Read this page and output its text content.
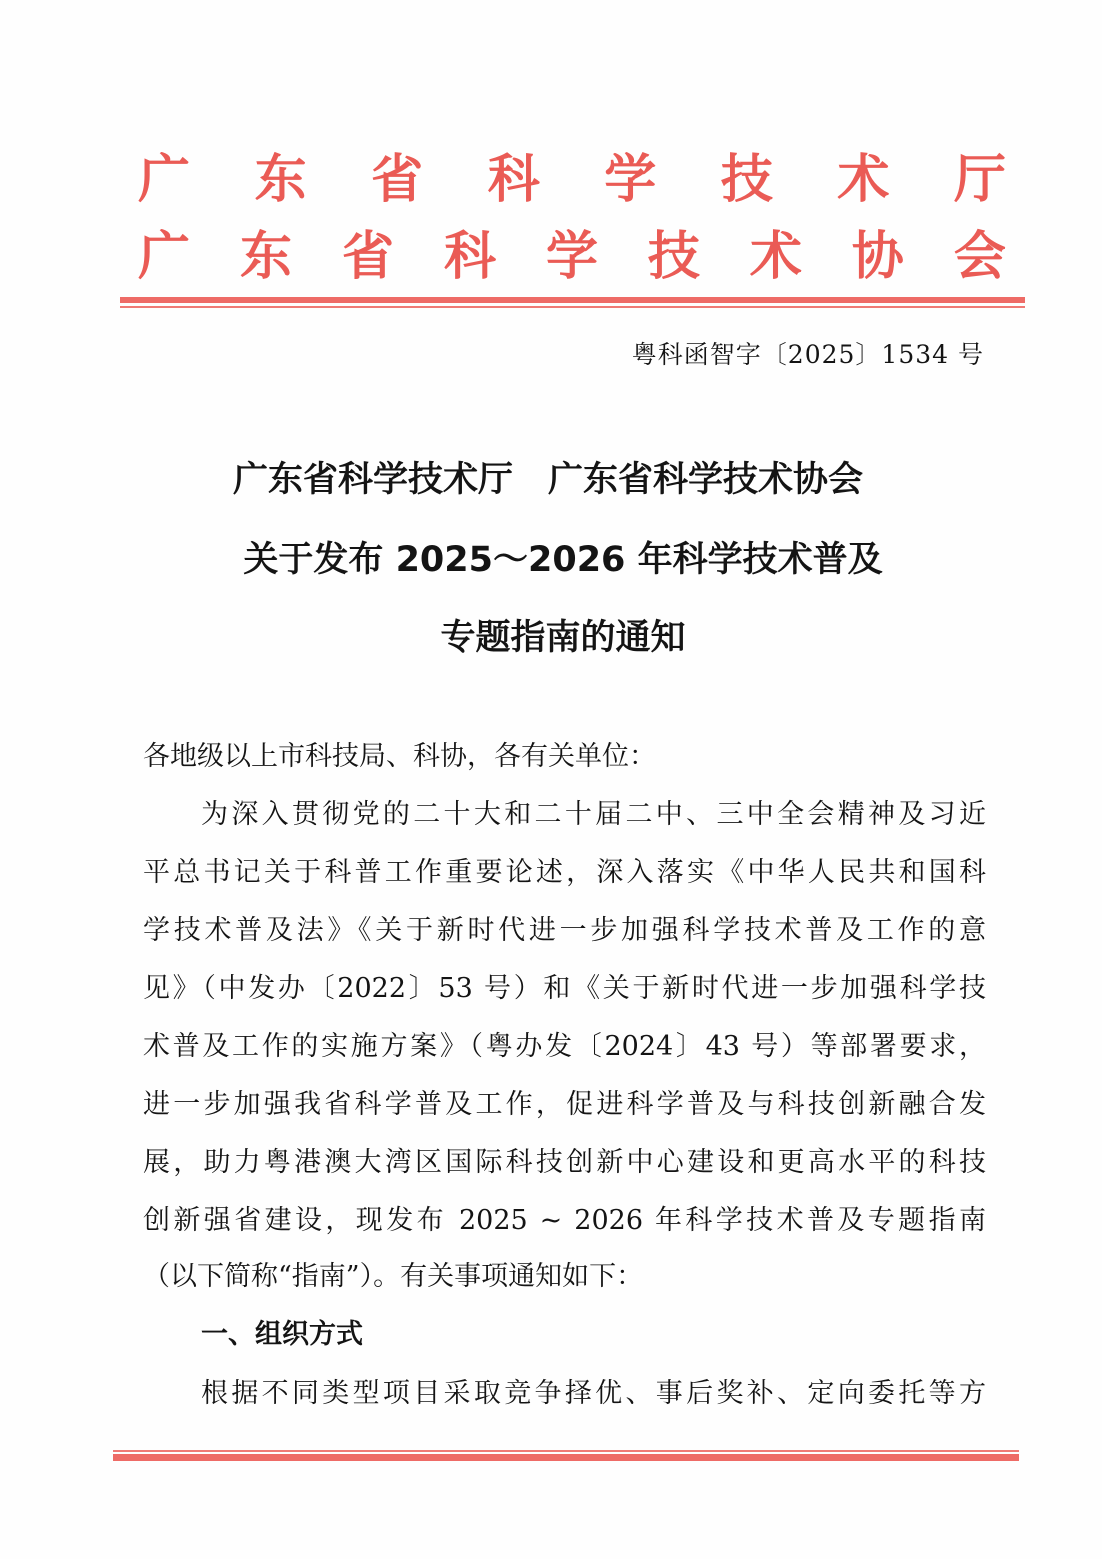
广 东 省 科 学 技 术 厅
广 东 省 科 学 技 术 协 会
粤科函智字〔2025〕1534 号
广东省科学技术厅　广东省科学技术协会
关于发布 2025～2026 年科学技术普及
专题指南的通知
各地级以上市科技局、科协，各有关单位：
为深入贯彻党的二十大和二十届二中、三中全会精神及习近
平总书记关于科普工作重要论述，深入落实《中华人民共和国科
学技术普及法》《关于新时代进一步加强科学技术普及工作的意
见》（中发办〔2022〕53 号）和《关于新时代进一步加强科学技
术普及工作的实施方案》（粤办发〔2024〕43 号）等部署要求，
进一步加强我省科学普及工作，促进科学普及与科技创新融合发
展，助力粤港澳大湾区国际科技创新中心建设和更高水平的科技
创新强省建设，现发布 2025 ~ 2026 年科学技术普及专题指南
（以下简称“指南”）。有关事项通知如下：
一、组织方式
根据不同类型项目采取竞争择优、事后奖补、定向委托等方
